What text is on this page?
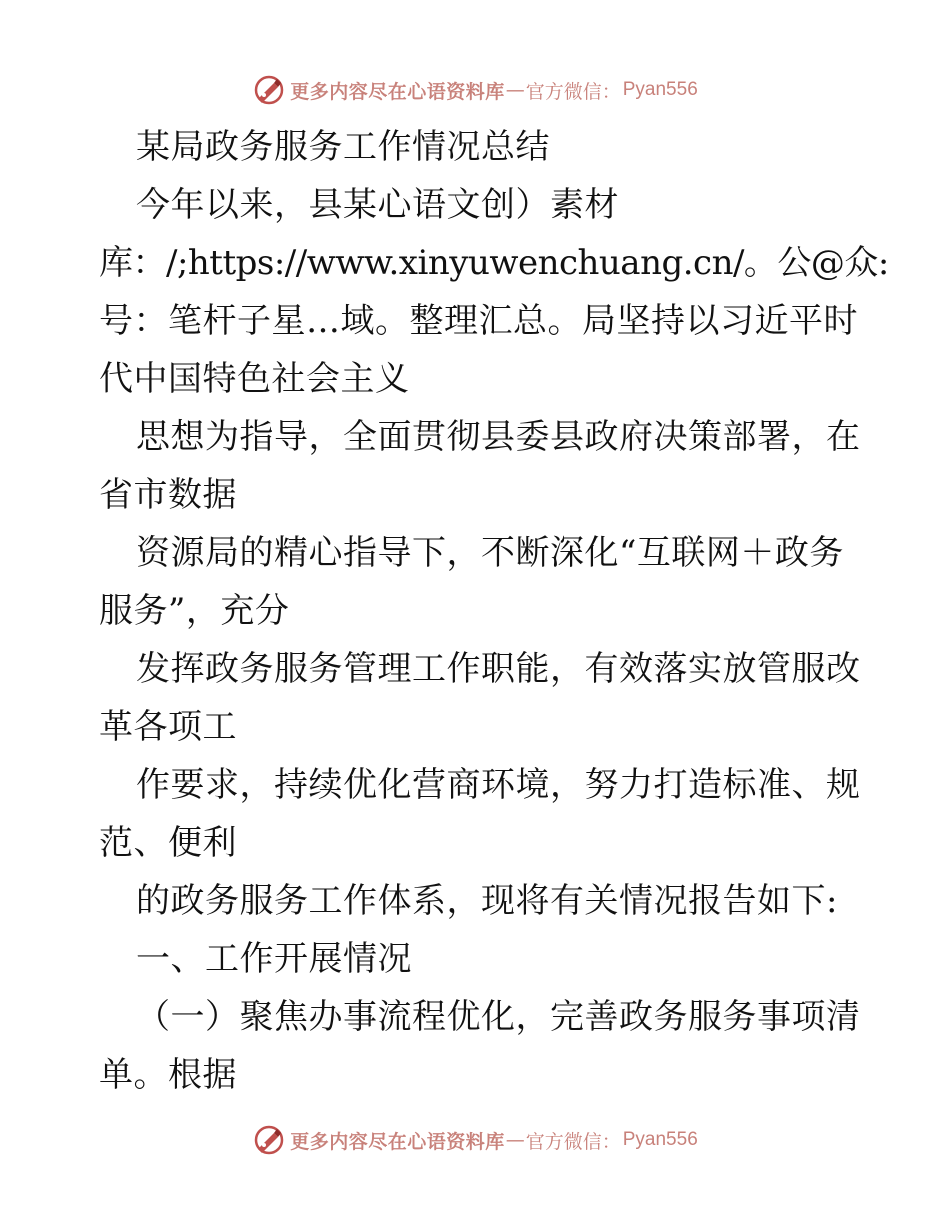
更多内容尽在心语资料库 — 官方微信： Pyan556
某局政务服务工作情况总结
今年以来，县某心语文创）素材
库：/;https://www.xinyuwenchuang.cn/。公@众:
号：笔杆子星…域。整理汇总。局坚持以习近平时
代中国特色社会主义
思想为指导，全面贯彻县委县政府决策部署，在
省市数据
资源局的精心指导下，不断深化“互联网＋政务
服务”，充分
发挥政务服务管理工作职能，有效落实放管服改
革各项工
作要求，持续优化营商环境，努力打造标准、规
范、便利
的政务服务工作体系，现将有关情况报告如下:
一、工作开展情况
（一）聚焦办事流程优化，完善政务服务事项清
单。根据
更多内容尽在心语资料库 — 官方微信： Pyan556
